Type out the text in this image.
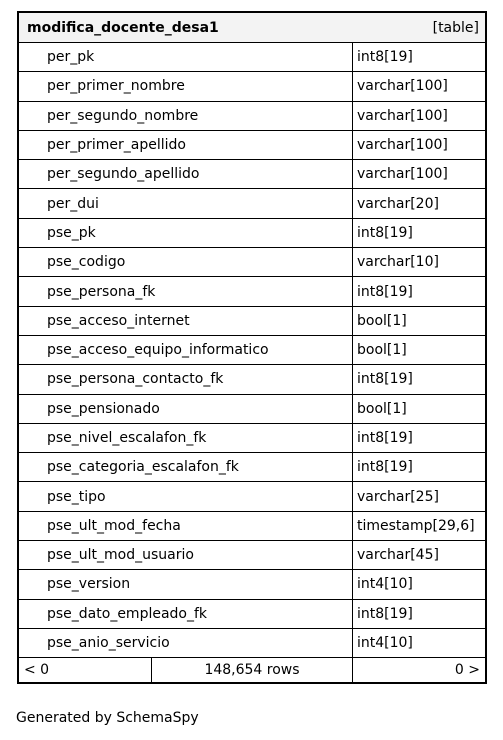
modifica_docente_desa1	[table]
per_pk	int8[19]
per_primer_nombre	varchar[100]
per_segundo_nombre	varchar[100]
per_primer_apellido	varchar[100]
per_segundo_apellido	varchar[100]
per_dui	varchar[20]
pse_pk	int8[19]
pse_codigo	varchar[10]
pse_persona_fk	int8[19]
pse_acceso_internet	bool[1]
pse_acceso_equipo_informatico	bool[1]
pse_persona_contacto_fk	int8[19]
pse_pensionado	bool[1]
pse_nivel_escalafon_fk	int8[19]
pse_categoria_escalafon_fk	int8[19]
pse_tipo	varchar[25]
pse_ult_mod_fecha	timestamp[29,6]
pse_ult_mod_usuario	varchar[45]
pse_version	int4[10]
pse_dato_empleado_fk	int8[19]
pse_anio_servicio	int4[10]
< 0	148,654 rows	0 >
Generated by SchemaSpy
